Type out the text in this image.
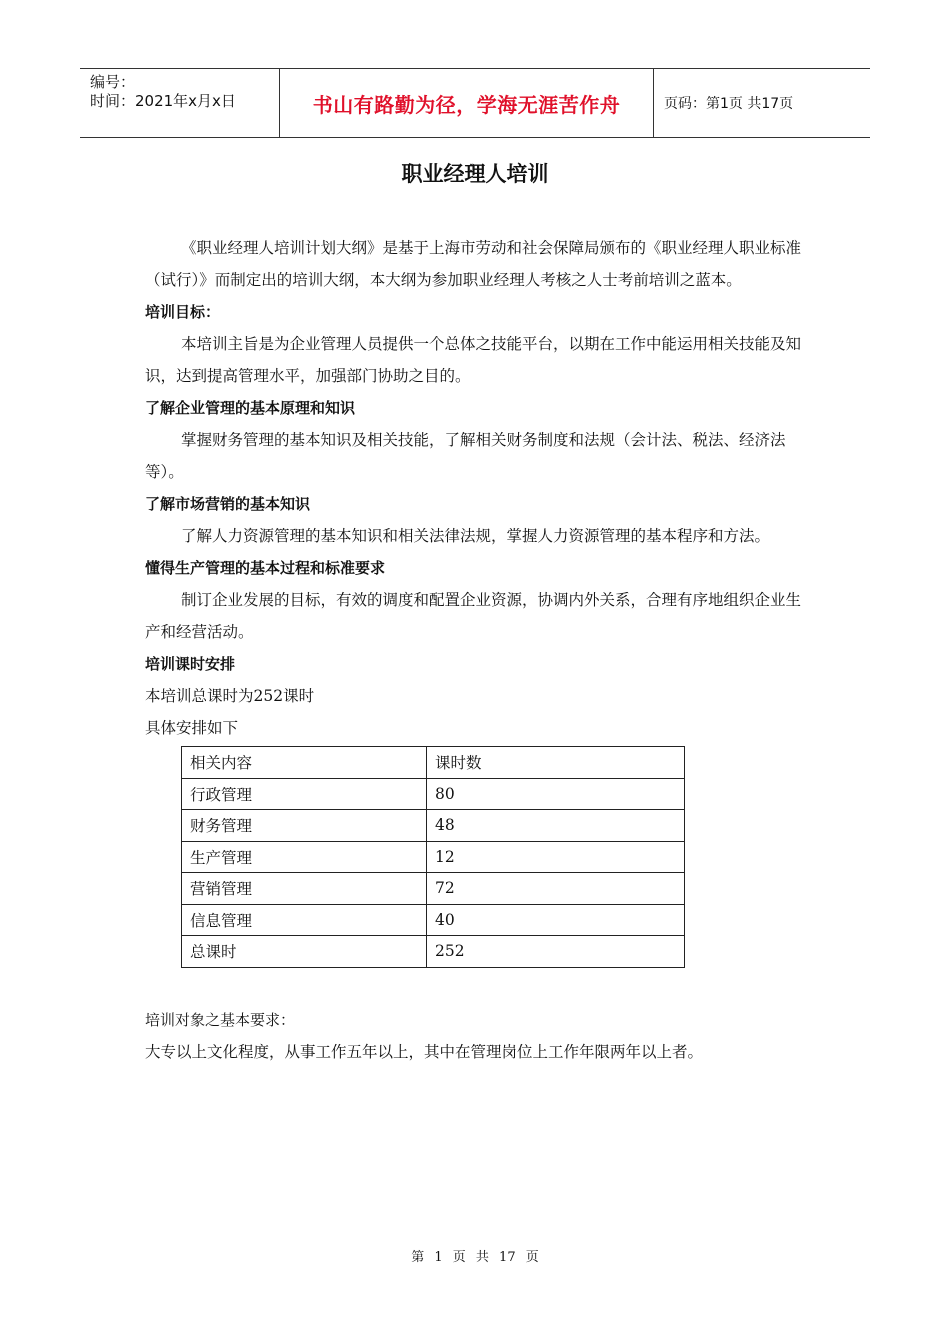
编号：
时间：2021年x月x日	书山有路勤为径，学海无涯苦作舟	页码：第1页 共17页
职业经理人培训

《职业经理人培训计划大纲》是基于上海市劳动和社会保障局颁布的《职业经理人职业标准（试行）》而制定出的培训大纲，本大纲为参加职业经理人考核之人士考前培训之蓝本。

培训目标：

本培训主旨是为企业管理人员提供一个总体之技能平台，以期在工作中能运用相关技能及知识，达到提高管理水平，加强部门协助之目的。

了解企业管理的基本原理和知识

掌握财务管理的基本知识及相关技能，了解相关财务制度和法规（会计法、税法、经济法等）。

了解市场营销的基本知识

了解人力资源管理的基本知识和相关法律法规，掌握人力资源管理的基本程序和方法。

懂得生产管理的基本过程和标准要求

制订企业发展的目标，有效的调度和配置企业资源，协调内外关系，合理有序地组织企业生产和经营活动。

培训课时安排

本培训总课时为252课时

具体安排如下

相关内容	课时数
行政管理	80
财务管理	48
生产管理	12
营销管理	72
信息管理	40
总课时	252

培训对象之基本要求：

大专以上文化程度，从事工作五年以上，其中在管理岗位上工作年限两年以上者。

第 1 页 共 17 页
